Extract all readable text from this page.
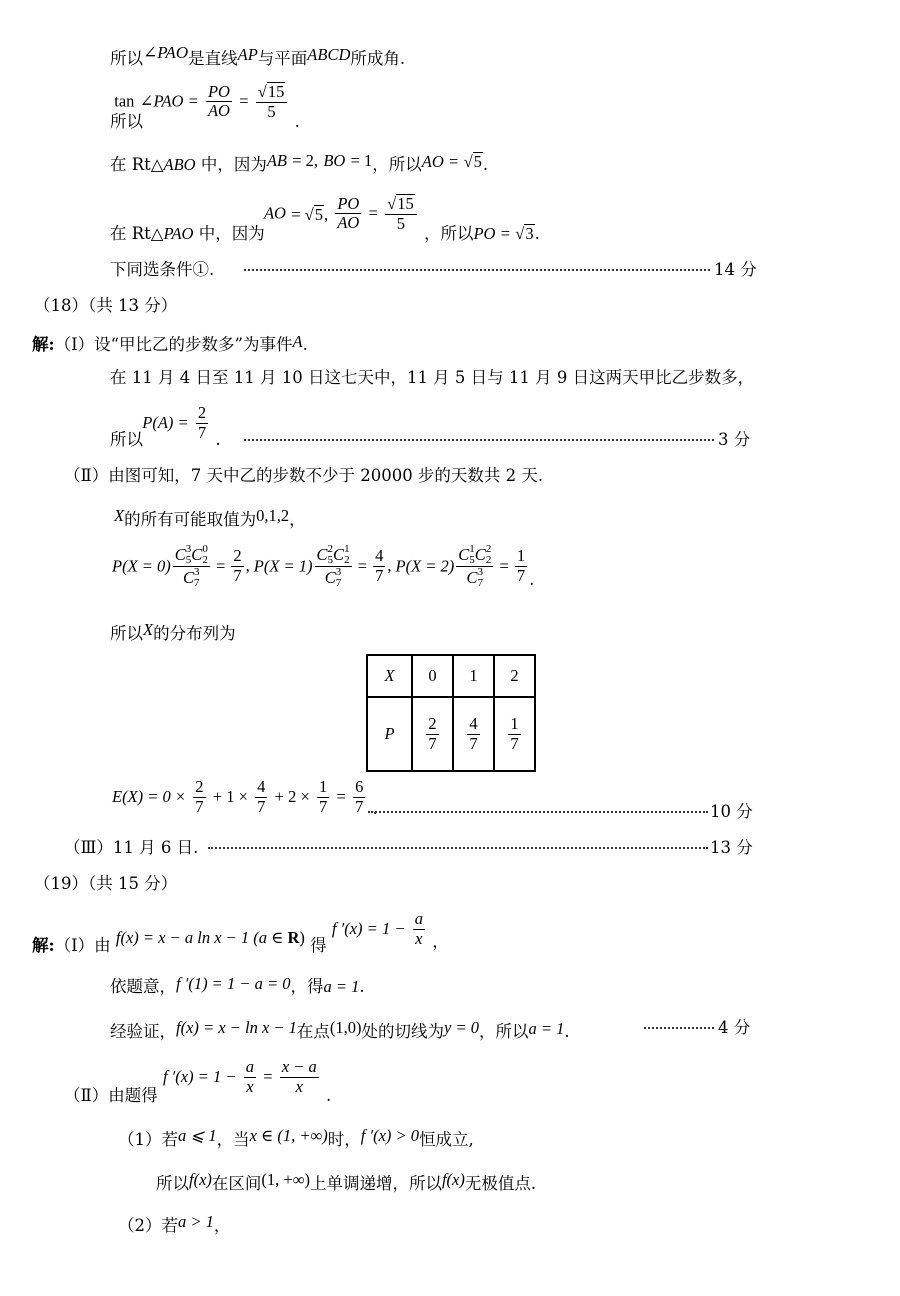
所以∠PAO是直线AP与平面ABCD所成角.
所以 tan ∠PAO = $\frac{PO}{AO} = \frac{√15}{5}$ .
在 Rt△ABO 中，因为AB = 2, BO = 1，所以AO = √5.
在 Rt△PAO 中，因为 AO = √5, $\frac{PO}{AO} = \frac{√15}{5}$ ，所以PO = √3.
下同选条件①.	14 分
（18）（共 13 分）
解:（Ⅰ）设“甲比乙的步数多”为事件A.
在 11 月 4 日至 11 月 10 日这七天中，11 月 5 日与 11 月 9 日这两天甲比乙步数多，
所以 $P(A) = \frac{2}{7}$ .	3 分
（Ⅱ）由图可知，7 天中乙的步数不少于 20000 步的天数共 2 天.
X的所有可能取值为0,1,2，
P(X = 0) C 3
5 C 0
2
C 3
$7 = \frac{2}{7}$ , P(X = 1) C 2
5 C 1
2
C 3
$7 = \frac{4}{7}$ , P(X = 2) C 1
5 C 2
2
C 3
$7 = \frac{1}{7}$ .
所以X的分布列为
X	0	1	2
P	$\frac{2}{7}$	$\frac{4}{7}$	$\frac{1}{7}$
$E(X) = 0 \times \frac{2}{7} + 1 \times \frac{4}{7} + 2 \times \frac{1}{7} = \frac{6}{7}$ .	10 分
（Ⅲ）11 月 6 日.	13 分
（19）（共 15 分）
解:（Ⅰ）由 f(x) = x − a ln x − 1 (a ∈ R) 得 f $'(x) = 1 - \frac{a}{x}$ ，
依题意，f ′(1) = 1 − a = 0，得a = 1.
经验证，f(x) = x − ln x − 1在点(1,0)处的切线为y = 0，所以a = 1.	4 分
（Ⅱ）由题得 f $'(x) = 1 - \frac{a}{x} = \frac{x - a}{x}$ .
（1）若a ⩽ 1，当x ∈ (1, +∞)时，f ′(x) > 0恒成立,
所以f(x)在区间(1, +∞)上单调递增，所以f(x)无极值点.
（2）若a > 1，
